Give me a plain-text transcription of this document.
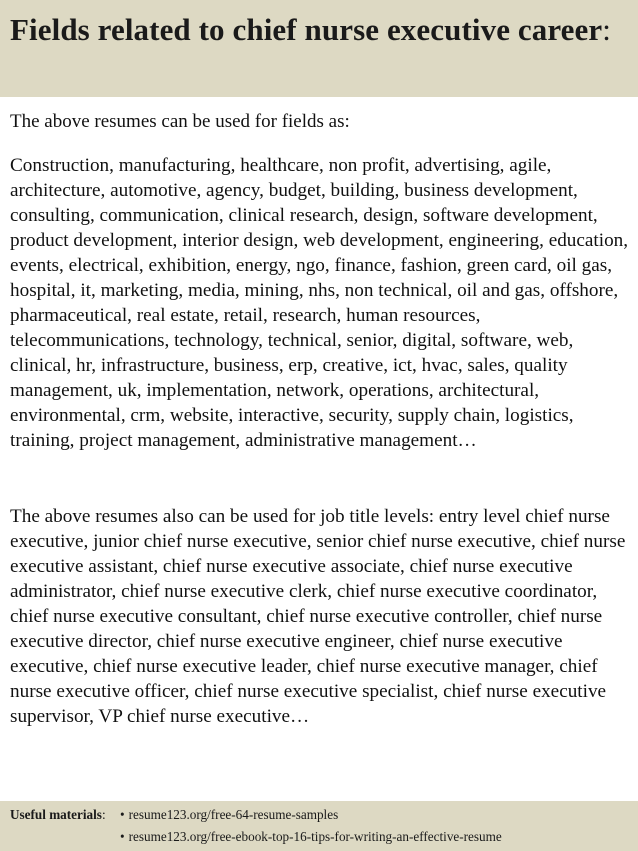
Fields related to chief nurse executive career:

The above resumes can be used for fields as:

Construction, manufacturing, healthcare, non profit, advertising, agile, architecture, automotive, agency, budget, building, business development, consulting, communication, clinical research, design, software development, product development, interior design, web development, engineering, education, events, electrical, exhibition, energy, ngo, finance, fashion, green card, oil gas, hospital, it, marketing, media, mining, nhs, non technical, oil and gas, offshore, pharmaceutical, real estate, retail, research, human resources, telecommunications, technology, technical, senior, digital, software, web, clinical, hr, infrastructure, business, erp, creative, ict, hvac, sales, quality management, uk, implementation, network, operations, architectural, environmental, crm, website, interactive, security, supply chain, logistics, training, project management, administrative management…

The above resumes also can be used for job title levels: entry level chief nurse executive, junior chief nurse executive, senior chief nurse executive, chief nurse executive assistant, chief nurse executive associate, chief nurse executive administrator, chief nurse executive clerk, chief nurse executive coordinator, chief nurse executive consultant, chief nurse executive controller, chief nurse executive director, chief nurse executive engineer, chief nurse executive executive, chief nurse executive leader, chief nurse executive manager, chief nurse executive officer, chief nurse executive specialist, chief nurse executive supervisor, VP chief nurse executive…

Useful materials:	• resume123.org/free-64-resume-samples
• resume123.org/free-ebook-top-16-tips-for-writing-an-effective-resume
